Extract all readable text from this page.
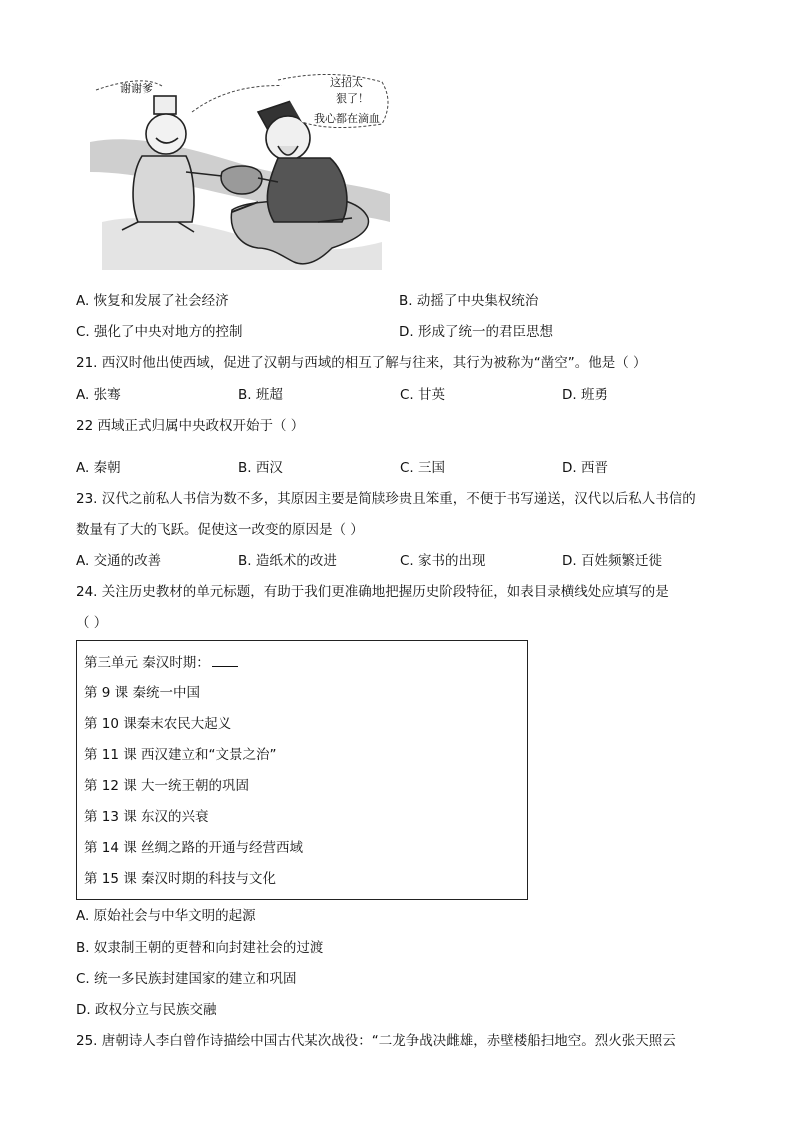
谢谢爹	这招太
狠了！
我心都在滴血
A. 恢复和发展了社会经济	B. 动摇了中央集权统治
C. 强化了中央对地方的控制	D. 形成了统一的君臣思想
21. 西汉时他出使西域，促进了汉朝与西域的相互了解与往来，其行为被称为“凿空”。他是（ ）
A. 张骞	B. 班超	C. 甘英	D. 班勇
22 西域正式归属中央政权开始于（ ）
A. 秦朝	B. 西汉	C. 三国	D. 西晋
23. 汉代之前私人书信为数不多，其原因主要是简牍珍贵且笨重，不便于书写递送，汉代以后私人书信的
数量有了大的飞跃。促使这一改变的原因是（ ）
A. 交通的改善	B. 造纸术的改进	C. 家书的出现	D. 百姓频繁迁徙
24. 关注历史教材的单元标题，有助于我们更准确地把握历史阶段特征，如表目录横线处应填写的是
（ ）
第三单元 秦汉时期：
第 9 课 秦统一中国
第 10 课秦末农民大起义
第 11 课 西汉建立和“文景之治”
第 12 课 大一统王朝的巩固
第 13 课 东汉的兴衰
第 14 课 丝绸之路的开通与经营西域
第 15 课 秦汉时期的科技与文化
A. 原始社会与中华文明的起源
B. 奴隶制王朝的更替和向封建社会的过渡
C. 统一多民族封建国家的建立和巩固
D. 政权分立与民族交融
25. 唐朝诗人李白曾作诗描绘中国古代某次战役：“二龙争战决雌雄，赤壁楼船扫地空。烈火张天照云
